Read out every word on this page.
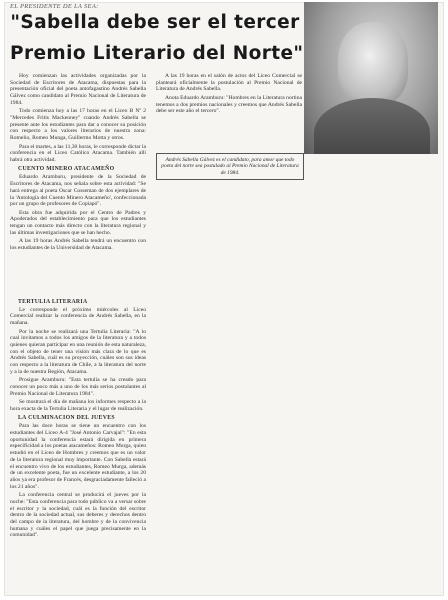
EL PRESIDENTE DE LA SEA:
"Sabella debe ser el tercer
Premio Literario del Norte"

Hoy comienzan las actividades organizadas por la Sociedad de Escritores de Atacama, dispuestas para la presentación oficial del poeta antofagastino Andrés Sabella Gálvez como candidato al Premio Nacional de Literatura de 1984.

Todo comienza hoy a las 17 horas en el Liceo B Nº 2 "Mercedes Fritis Mackenney" cuando Andrés Sabella se presente ante los estudiantes para dar a conocer su posición con respecto a los valores literarios de nuestra zona: Romelio, Romeo Munga, Guillermo Motta y otros.

Para el martes, a las 11,30 horas, le corresponde dictar la conferencia en el Liceo Católico Atacama. También allí habrá otra actividad.

CUENTO MINERO ATACAMEÑO

Eduardo Aramburu, presidente de la Sociedad de Escritores de Atacama, nos señala sobre esta actividad: "Se hará entrega al poeta Oscar Cosseman de dos ejemplares de la 'Antología del Cuento Minero Atacameño', confeccionada por un grupo de profesores de Copiapó".

Esta obra fue adquirida por el Centro de Padres y Apoderados del establecimiento para que los estudiantes tengan un contacto más directo con la literatura regional y las últimas investigaciones que se han hecho.

A las 19 horas Andrés Sabella tendrá un encuentro con los estudiantes de la Universidad de Atacama.

A las 19 horas en el salón de actos del Liceo Comercial se planteará oficialmente la postulación al Premio Nacional de Literatura de Andrés Sabella.

Anota Eduardo Aramburu: "Hombres en la Literatura nortina tenemos a dos premios nacionales y creemos que Andrés Sabella debe ser este año el tercero".

Andrés Sabella Gálvez es el candidato, para amor que todo poeta del norte sea postulado al Premio Nacional de Literatura de 1984.
TERTULIA LITERARIA

Le corresponde el próximo miércoles al Liceo Comercial realizar la conferencia de Andrés Sabella, en la mañana.

Por la noche se realizará una Tertulia Literaria: "A lo cual invitamos a todos los amigos de la literatura y a todos quienes quieran participar en una reunión de esta naturaleza, con el objeto de tener una visión más clara de lo que es Andrés Sabella, cuál es su proyección, cuáles son sus ideas con respecto a la literatura de Chile, a la literatura del norte y a la de nuestra Región, Atacama.

Prosigue Aramburu: "Esta tertulia se ha creado para conocer un poco más a uno de los más serios postulantes al Premio Nacional de Literatura 1984".

Se mostrará el día de mañana los informes respecto a la hora exacta de la Tertulia Literaria y el lugar de realización.

LA CULMINACION DEL JUEVES

Para las doce horas se tiene un encuentro con los estudiantes del Liceo A-4 "José Antonio Carvajal": "En esta oportunidad la conferencia estará dirigida en primera especificidad a los poetas atacameños: Romeo Murga, quien estudió en el Liceo de Hombres y creemos que es un valor de la literatura regional muy importante. Con Sabella estará el encuentro vivo de los estudiantes, Romeo Murga, además de un excelente poeta, fue un excelente estudiante, a los 20 años ya era profesor de Francés, desgraciadamente falleció a los 21 años".

La conferencia central se producirá el jueves por la noche: "Esta conferencia para todo público va a versar sobre el escritor y la sociedad, cuál es la función del escritor dentro de la sociedad actual, sus deberes y derechos dentro del campo de la literatura, del hombre y de la convivencia humana y cuáles el papel que juega precisamente en la comunidad".
